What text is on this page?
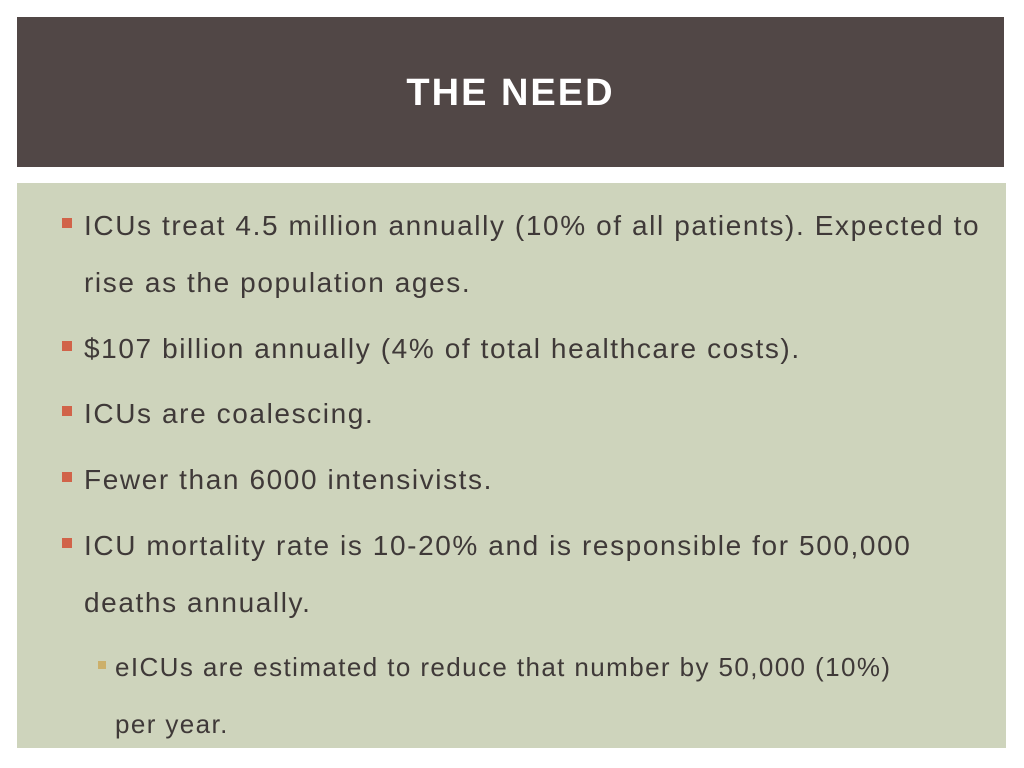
THE NEED
ICUs treat 4.5 million annually (10% of all patients). Expected to rise as the population ages.
$107 billion annually (4% of total healthcare costs).
ICUs are coalescing.
Fewer than 6000 intensivists.
ICU mortality rate is 10-20% and is responsible for 500,000 deaths annually.
eICUs are estimated to reduce that number by 50,000 (10%) per year.
